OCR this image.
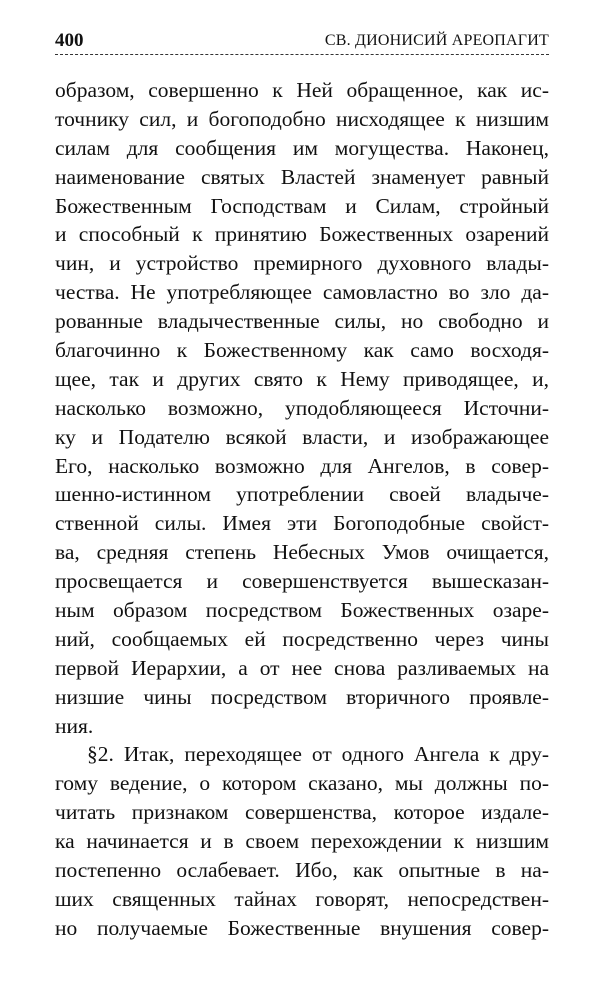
400	СВ. ДИОНИСИЙ АРЕОПАГИТ
образом, совершенно к Ней обращенное, как ис-
точнику сил, и богоподобно нисходящее к низшим
силам для сообщения им могущества. Наконец,
наименование святых Властей знаменует равный
Божественным Господствам и Силам, стройный
и способный к принятию Божественных озарений
чин, и устройство премирного духовного влады-
чества. Не употребляющее самовластно во зло да-
рованные владычественные силы, но свободно и
благочинно к Божественному как само восходя-
щее, так и других свято к Нему приводящее, и,
насколько возможно, уподобляющееся Источни-
ку и Подателю всякой власти, и изображающее
Его, насколько возможно для Ангелов, в совер-
шенно-истинном употреблении своей владыче-
ственной силы. Имея эти Богоподобные свойст-
ва, средняя степень Небесных Умов очищается,
просвещается и совершенствуется вышесказан-
ным образом посредством Божественных озаре-
ний, сообщаемых ей посредственно через чины
первой Иерархии, а от нее снова разливаемых на
низшие чины посредством вторичного проявле-
ния.
§2. Итак, переходящее от одного Ангела к дру-
гому ведение, о котором сказано, мы должны по-
читать признаком совершенства, которое издале-
ка начинается и в своем перехождении к низшим
постепенно ослабевает. Ибо, как опытные в на-
ших священных тайнах говорят, непосредствен-
но получаемые Божественные внушения совер-
